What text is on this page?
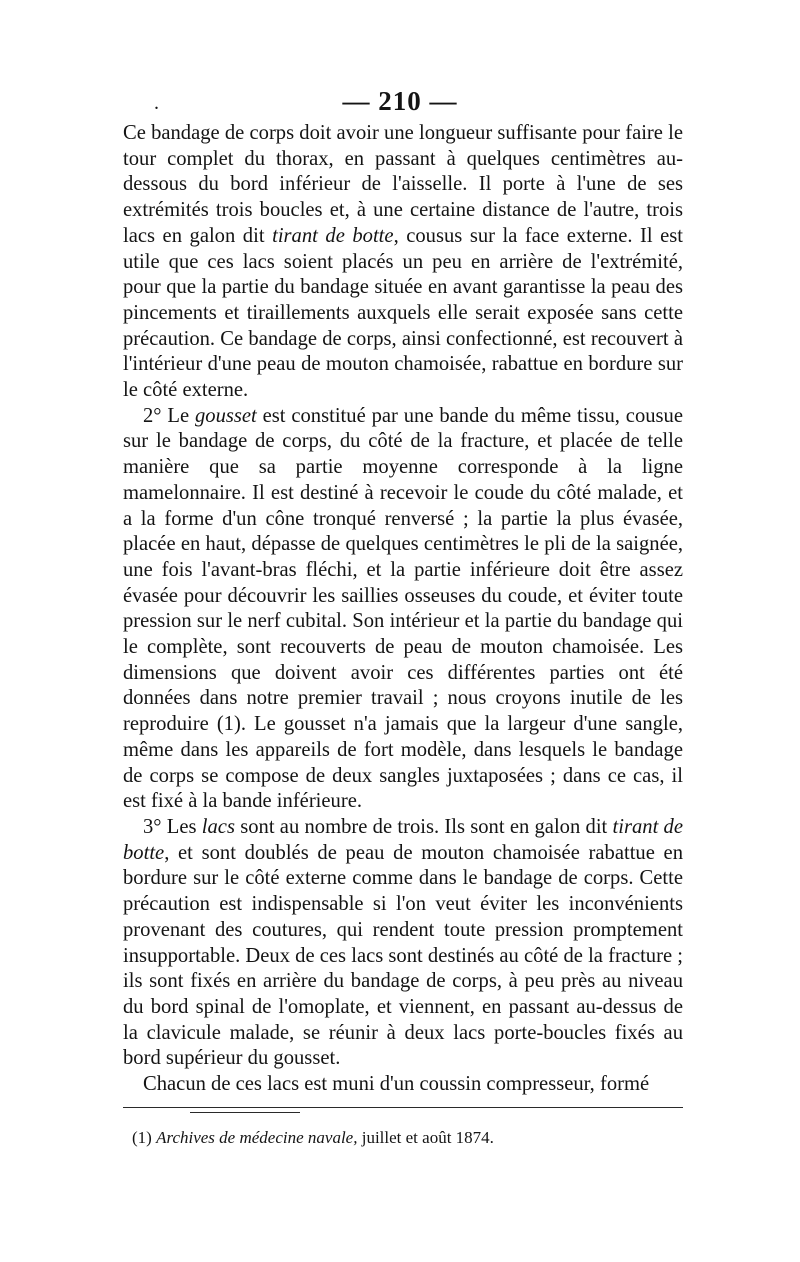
.	— 210 —

Ce bandage de corps doit avoir une longueur suffisante pour faire le tour complet du thorax, en passant à quelques centimètres au-dessous du bord inférieur de l'aisselle. Il porte à l'une de ses extrémités trois boucles et, à une certaine distance de l'autre, trois lacs en galon dit tirant de botte, cousus sur la face externe. Il est utile que ces lacs soient placés un peu en arrière de l'extrémité, pour que la partie du bandage située en avant garantisse la peau des pincements et tiraillements auxquels elle serait exposée sans cette précaution. Ce bandage de corps, ainsi confectionné, est recouvert à l'intérieur d'une peau de mouton chamoisée, rabattue en bordure sur le côté externe.

2° Le gousset est constitué par une bande du même tissu, cousue sur le bandage de corps, du côté de la fracture, et placée de telle manière que sa partie moyenne corresponde à la ligne mamelonnaire. Il est destiné à recevoir le coude du côté malade, et a la forme d'un cône tronqué renversé ; la partie la plus évasée, placée en haut, dépasse de quelques centimètres le pli de la saignée, une fois l'avant-bras fléchi, et la partie inférieure doit être assez évasée pour découvrir les saillies osseuses du coude, et éviter toute pression sur le nerf cubital. Son intérieur et la partie du bandage qui le complète, sont recouverts de peau de mouton chamoisée. Les dimensions que doivent avoir ces différentes parties ont été données dans notre premier travail ; nous croyons inutile de les reproduire (1). Le gousset n'a jamais que la largeur d'une sangle, même dans les appareils de fort modèle, dans lesquels le bandage de corps se compose de deux sangles juxtaposées ; dans ce cas, il est fixé à la bande inférieure.

3° Les lacs sont au nombre de trois. Ils sont en galon dit tirant de botte, et sont doublés de peau de mouton chamoisée rabattue en bordure sur le côté externe comme dans le bandage de corps. Cette précaution est indispensable si l'on veut éviter les inconvénients provenant des coutures, qui rendent toute pression promptement insupportable. Deux de ces lacs sont destinés au côté de la fracture ; ils sont fixés en arrière du bandage de corps, à peu près au niveau du bord spinal de l'omoplate, et viennent, en passant au-dessus de la clavicule malade, se réunir à deux lacs porte-boucles fixés au bord supérieur du gousset.

Chacun de ces lacs est muni d'un coussin compresseur, formé

(1) Archives de médecine navale, juillet et août 1874.
